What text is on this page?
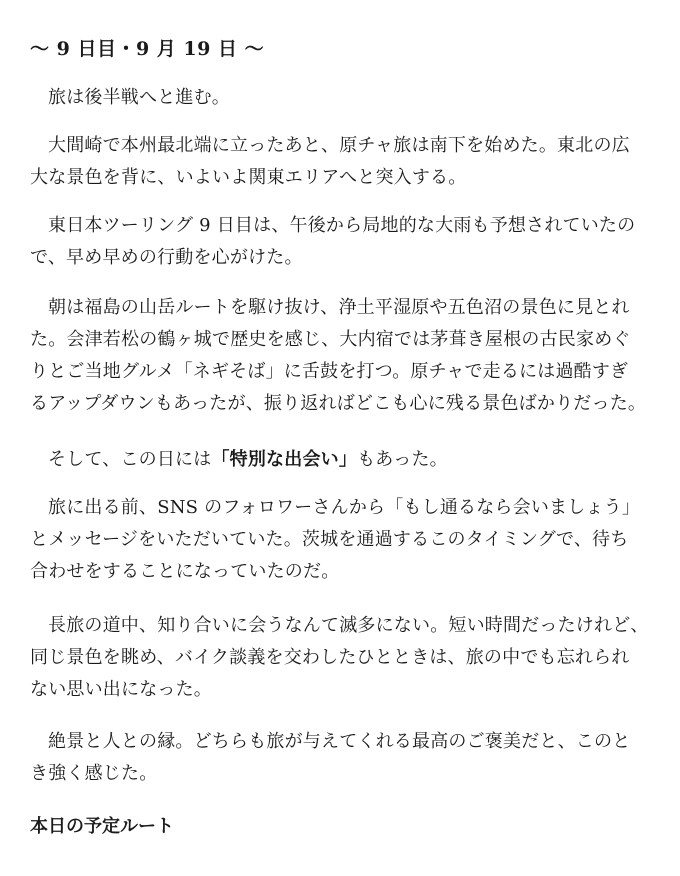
～ 9 日目・9 月 19 日 ～

旅は後半戦へと進む。

大間崎で本州最北端に立ったあと、原チャ旅は南下を始めた。東北の広
大な景色を背に、いよいよ関東エリアへと突入する。

東日本ツーリング 9 日目は、午後から局地的な大雨も予想されていたの
で、早め早めの行動を心がけた。

朝は福島の山岳ルートを駆け抜け、浄土平湿原や五色沼の景色に見とれ
た。会津若松の鶴ヶ城で歴史を感じ、大内宿では茅葺き屋根の古民家めぐ
りとご当地グルメ「ネギそば」に舌鼓を打つ。原チャで走るには過酷すぎ
るアップダウンもあったが、振り返ればどこも心に残る景色ばかりだった。

そして、この日には「特別な出会い」もあった。

旅に出る前、SNS のフォロワーさんから「もし通るなら会いましょう」
とメッセージをいただいていた。茨城を通過するこのタイミングで、待ち
合わせをすることになっていたのだ。

長旅の道中、知り合いに会うなんて滅多にない。短い時間だったけれど、
同じ景色を眺め、バイク談義を交わしたひとときは、旅の中でも忘れられ
ない思い出になった。

絶景と人との縁。どちらも旅が与えてくれる最高のご褒美だと、このと
き強く感じた。

本日の予定ルート
